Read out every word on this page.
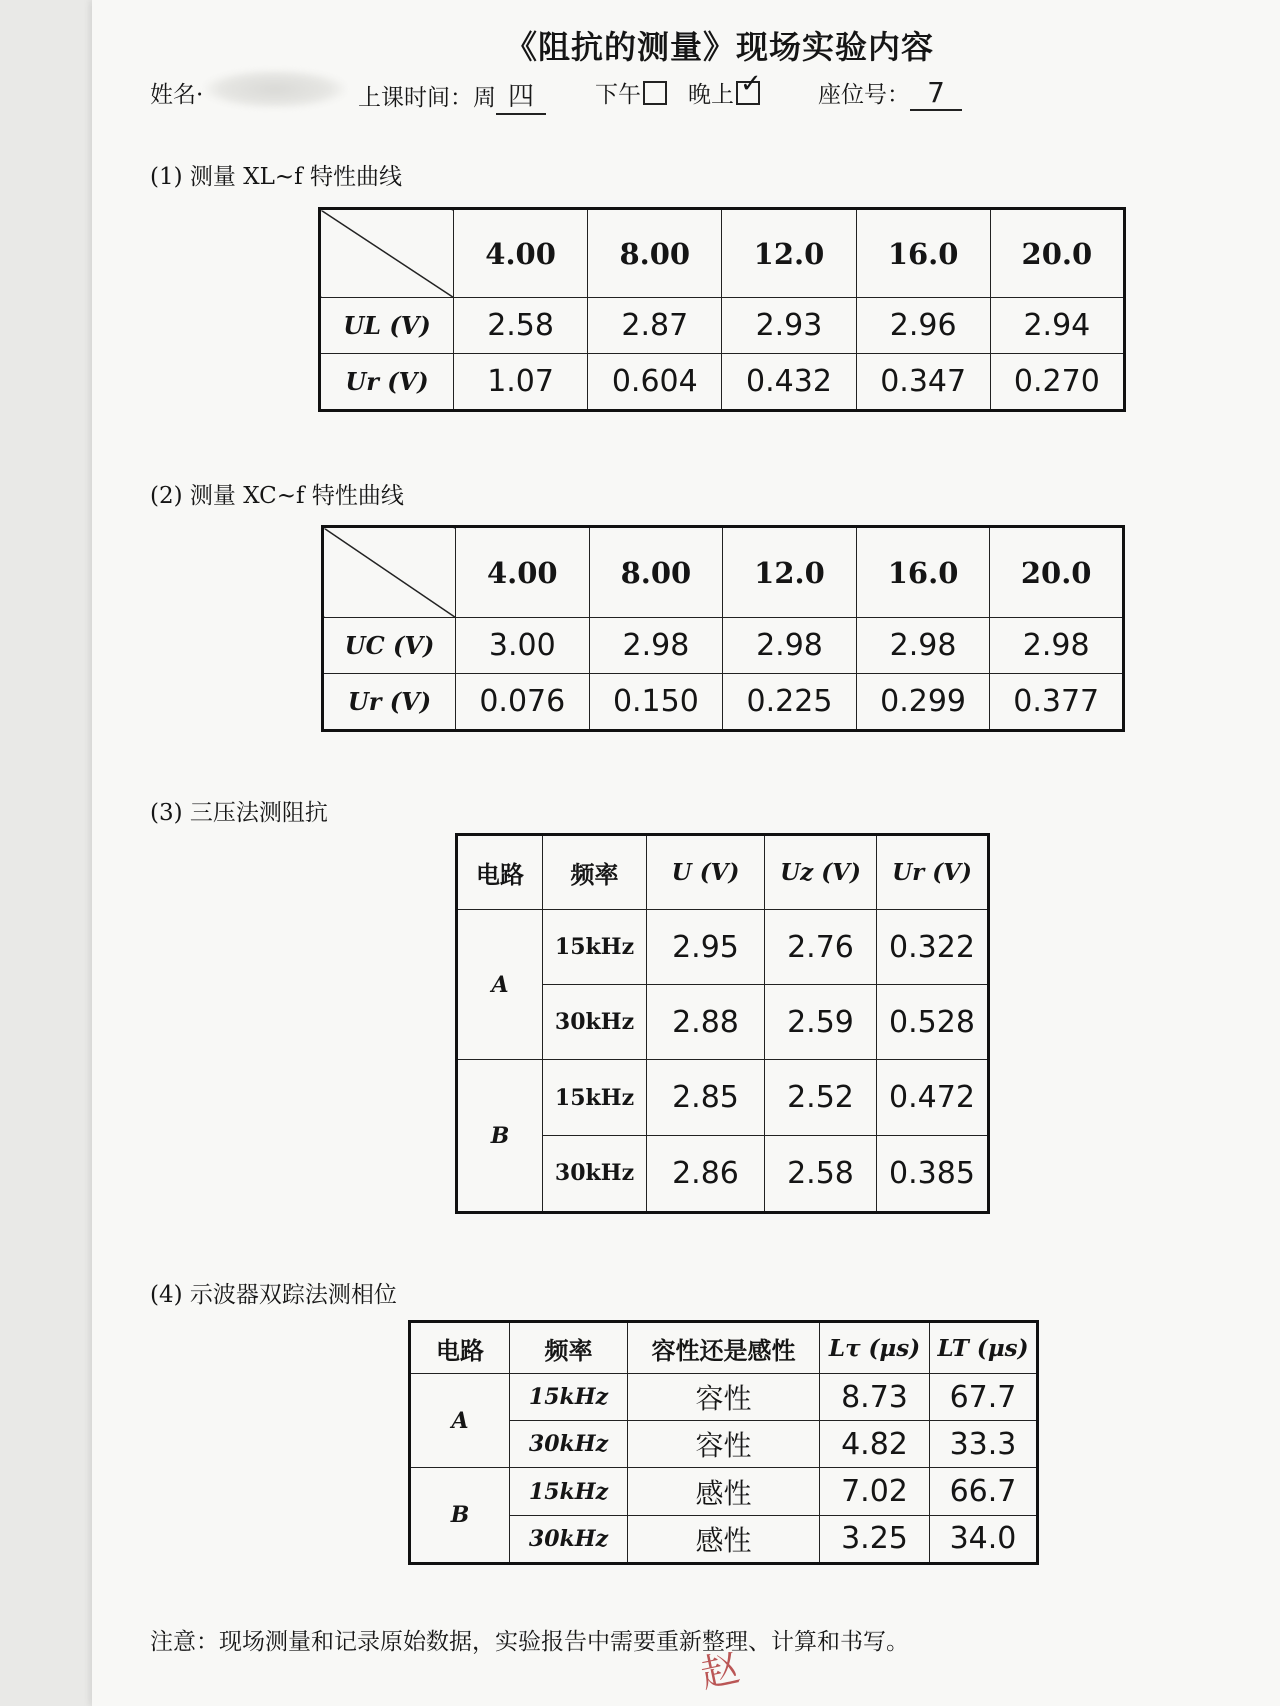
《阻抗的测量》现场实验内容
姓名·	上课时间：周 四	下午	晚上 ✓ 座位号： 7
(1) 测量 XL~f 特性曲线
	4.00	8.00	12.0	16.0	20.0
UL (V)	2.58	2.87	2.93	2.96	2.94
Ur (V)	1.07	0.604	0.432	0.347	0.270
(2) 测量 XC~f 特性曲线
	4.00	8.00	12.0	16.0	20.0
UC (V)	3.00	2.98	2.98	2.98	2.98
Ur (V)	0.076	0.150	0.225	0.299	0.377
(3) 三压法测阻抗
电路	频率	U (V)	Uz (V)	Ur (V)
A	15kHz	2.95	2.76	0.322
	30kHz	2.88	2.59	0.528
B	15kHz	2.85	2.52	0.472
	30kHz	2.86	2.58	0.385
(4) 示波器双踪法测相位
电路	频率	容性还是感性	Lτ (μs)	LT (μs)
A	15kHz	容性	8.73	67.7
	30kHz	容性	4.82	33.3
B	15kHz	感性	7.02	66.7
	30kHz	感性	3.25	34.0
注意：现场测量和记录原始数据，实验报告中需要重新整理、计算和书写。
赵
